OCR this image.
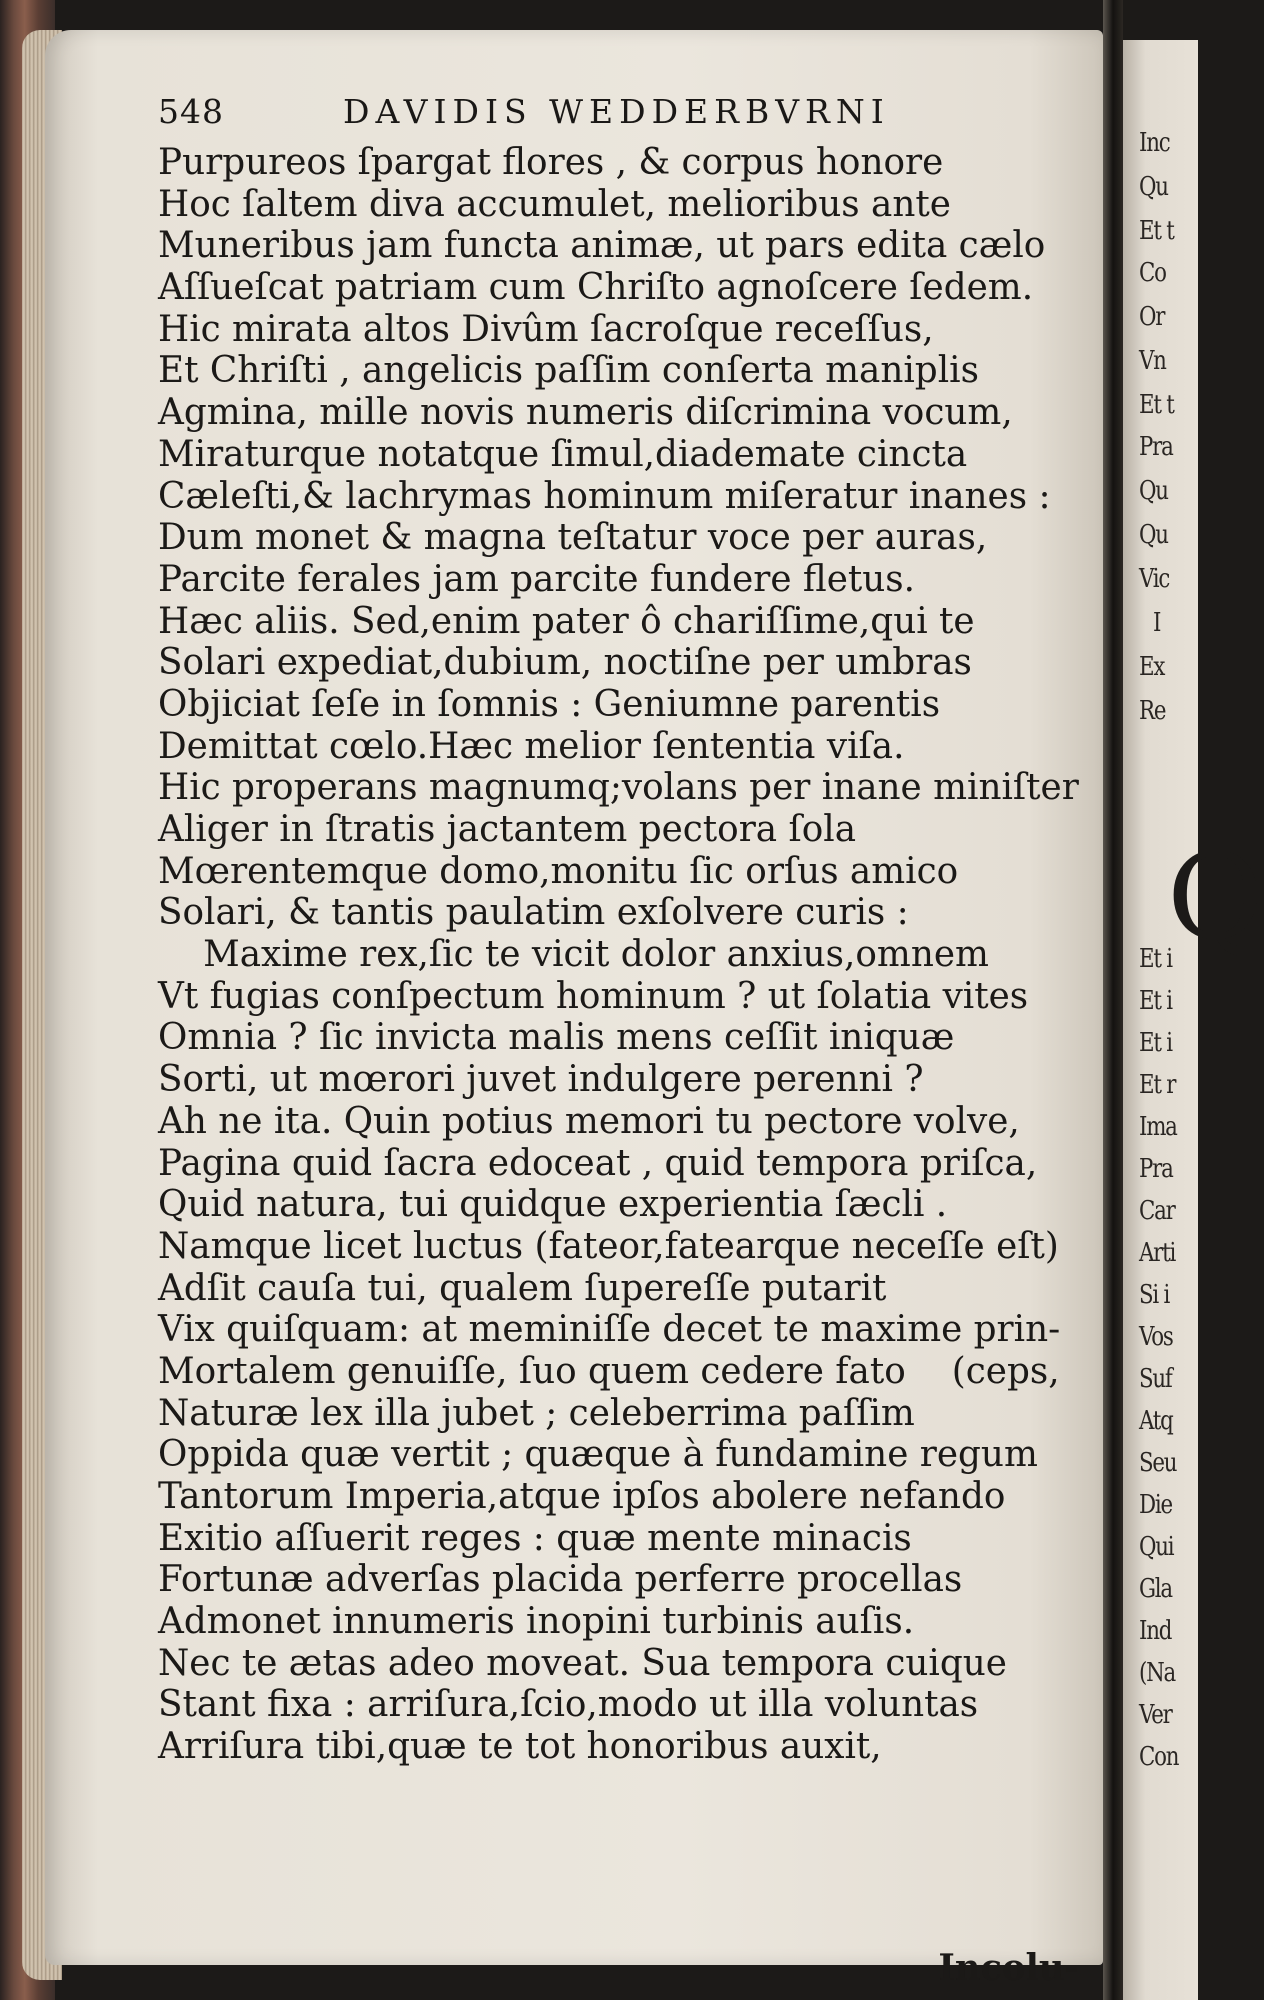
548	DAVIDIS WEDDERBVRNI
Purpureos ſpargat flores , & corpus honore
Hoc ſaltem diva accumulet, melioribus ante
Muneribus jam functa animæ, ut pars edita cælo
Aſſueſcat patriam cum Chriſto agnoſcere ſedem.
Hic mirata altos Divûm ſacroſque receſſus,
Et Chriſti , angelicis paſſim conſerta maniplis
Agmina, mille novis numeris diſcrimina vocum,
Miraturque notatque ſimul,diademate cincta
Cæleſti,& lachrymas hominum miſeratur inanes :
Dum monet & magna teſtatur voce per auras,
Parcite ferales jam parcite fundere fletus.
Hæc aliis. Sed,enim pater ô chariſſime,qui te
Solari expediat,dubium, noctiſne per umbras
Objiciat ſeſe in ſomnis : Geniumne parentis
Demittat cœlo.Hæc melior ſententia viſa.
Hic properans magnumq;volans per inane miniſter
Aliger in ſtratis jactantem pectora ſola
Mœrentemque domo,monitu ſic orſus amico
Solari, & tantis paulatim exſolvere curis :
Maxime rex,ſic te vicit dolor anxius,omnem
Vt fugias conſpectum hominum ? ut ſolatia vites
Omnia ? ſic invicta malis mens ceſſit iniquæ
Sorti, ut mœrori juvet indulgere perenni ?
Ah ne ita. Quin potius memori tu pectore volve,
Pagina quid ſacra edoceat , quid tempora priſca,
Quid natura, tui quidque experientia ſæcli .
Namque licet luctus (fateor,fatearque neceſſe eſt)
Adſit cauſa tui, qualem ſupereſſe putarit
Vix quiſquam: at meminiſſe decet te maxime prin-
Mortalem genuiſſe, ſuo quem cedere fato (ceps,
Naturæ lex illa jubet ; celeberrima paſſim
Oppida quæ vertit ; quæque à fundamine regum
Tantorum Imperia,atque ipſos abolere nefando
Exitio aſſuerit reges : quæ mente minacis
Fortunæ adverſas placida perferre procellas
Admonet innumeris inopini turbinis auſis.
Nec te ætas adeo moveat. Sua tempora cuique
Stant fixa : arriſura,ſcio,modo ut illa voluntas
Arriſura tibi,quæ te tot honoribus auxit,
Incolu-
Inc
Qu
Et t
Co
Or
Vn
Et t
Pra
Qu
Qu
Vic
I
Ex
Re
Q
Et i
Et i
Et i
Et r
Ima
Pra
Car
Arti
Si i
Vos
Suf
Atq
Seu
Die
Qui
Gla
Ind
(Na
Ver
Con
